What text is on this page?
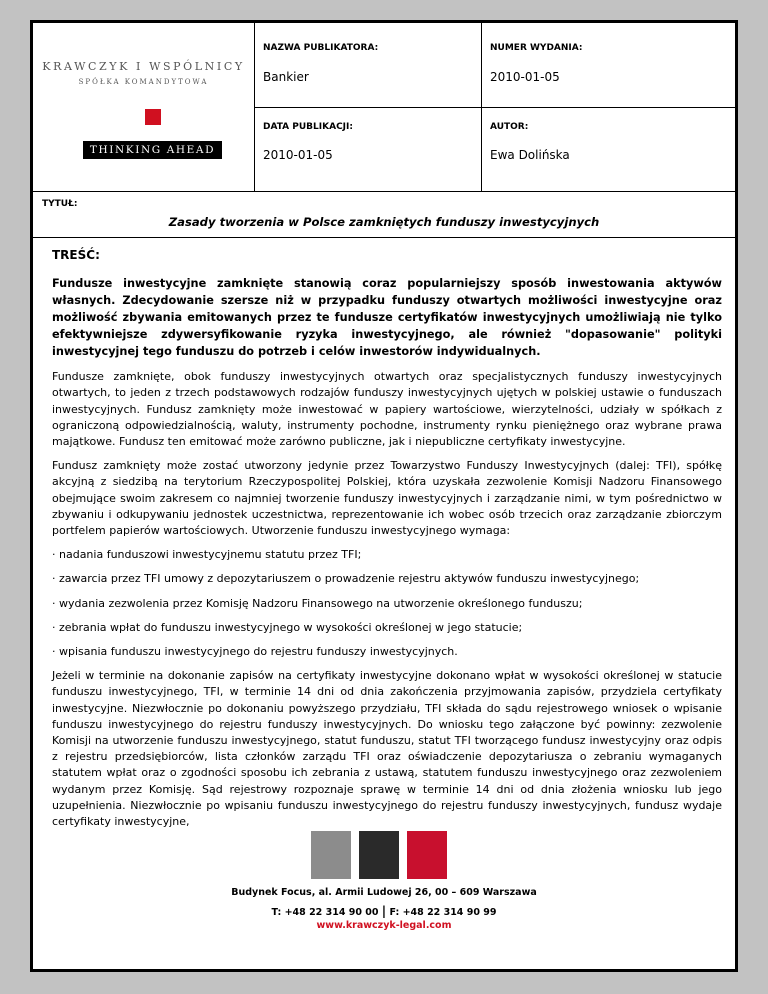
KRAWCZYK I WSPÓLNICY
SPÓŁKA KOMANDYTOWA
THINKING AHEAD
NAZWA PUBLIKATORA:
Bankier
NUMER WYDANIA:
2010-01-05
DATA PUBLIKACJI:
2010-01-05
AUTOR:
Ewa Dolińska
TYTUŁ:
Zasady tworzenia w Polsce zamkniętych funduszy inwestycyjnych
TREŚĆ:

Fundusze inwestycyjne zamknięte stanowią coraz popularniejszy sposób inwestowania aktywów własnych. Zdecydowanie szersze niż w przypadku funduszy otwartych możliwości inwestycyjne oraz możliwość zbywania emitowanych przez te fundusze certyfikatów inwestycyjnych umożliwiają nie tylko efektywniejsze zdywersyfikowanie ryzyka inwestycyjnego, ale również "dopasowanie" polityki inwestycyjnej tego funduszu do potrzeb i celów inwestorów indywidualnych.

Fundusze zamknięte, obok funduszy inwestycyjnych otwartych oraz specjalistycznych funduszy inwestycyjnych otwartych, to jeden z trzech podstawowych rodzajów funduszy inwestycyjnych ujętych w polskiej ustawie o funduszach inwestycyjnych. Fundusz zamknięty może inwestować w papiery wartościowe, wierzytelności, udziały w spółkach z ograniczoną odpowiedzialnością, waluty, instrumenty pochodne, instrumenty rynku pieniężnego oraz wybrane prawa majątkowe. Fundusz ten emitować może zarówno publiczne, jak i niepubliczne certyfikaty inwestycyjne.

Fundusz zamknięty może zostać utworzony jedynie przez Towarzystwo Funduszy Inwestycyjnych (dalej: TFI), spółkę akcyjną z siedzibą na terytorium Rzeczypospolitej Polskiej, która uzyskała zezwolenie Komisji Nadzoru Finansowego obejmujące swoim zakresem co najmniej tworzenie funduszy inwestycyjnych i zarządzanie nimi, w tym pośrednictwo w zbywaniu i odkupywaniu jednostek uczestnictwa, reprezentowanie ich wobec osób trzecich oraz zarządzanie zbiorczym portfelem papierów wartościowych. Utworzenie funduszu inwestycyjnego wymaga:

· nadania funduszowi inwestycyjnemu statutu przez TFI;

· zawarcia przez TFI umowy z depozytariuszem o prowadzenie rejestru aktywów funduszu inwestycyjnego;

· wydania zezwolenia przez Komisję Nadzoru Finansowego na utworzenie określonego funduszu;

· zebrania wpłat do funduszu inwestycyjnego w wysokości określonej w jego statucie;

· wpisania funduszu inwestycyjnego do rejestru funduszy inwestycyjnych.

Jeżeli w terminie na dokonanie zapisów na certyfikaty inwestycyjne dokonano wpłat w wysokości określonej w statucie funduszu inwestycyjnego, TFI, w terminie 14 dni od dnia zakończenia przyjmowania zapisów, przydziela certyfikaty inwestycyjne. Niezwłocznie po dokonaniu powyższego przydziału, TFI składa do sądu rejestrowego wniosek o wpisanie funduszu inwestycyjnego do rejestru funduszy inwestycyjnych. Do wniosku tego załączone być powinny: zezwolenie Komisji na utworzenie funduszu inwestycyjnego, statut funduszu, statut TFI tworzącego fundusz inwestycyjny oraz odpis z rejestru przedsiębiorców, lista członków zarządu TFI oraz oświadczenie depozytariusza o zebraniu wymaganych statutem wpłat oraz o zgodności sposobu ich zebrania z ustawą, statutem funduszu inwestycyjnego oraz zezwoleniem wydanym przez Komisję. Sąd rejestrowy rozpoznaje sprawę w terminie 14 dni od dnia złożenia wniosku lub jego uzupełnienia. Niezwłocznie po wpisaniu funduszu inwestycyjnego do rejestru funduszy inwestycyjnych, fundusz wydaje certyfikaty inwestycyjne,

Budynek Focus, al. Armii Ludowej 26, 00 – 609 Warszawa
T: +48 22 314 90 00 | F: +48 22 314 90 99
www.krawczyk-legal.com
